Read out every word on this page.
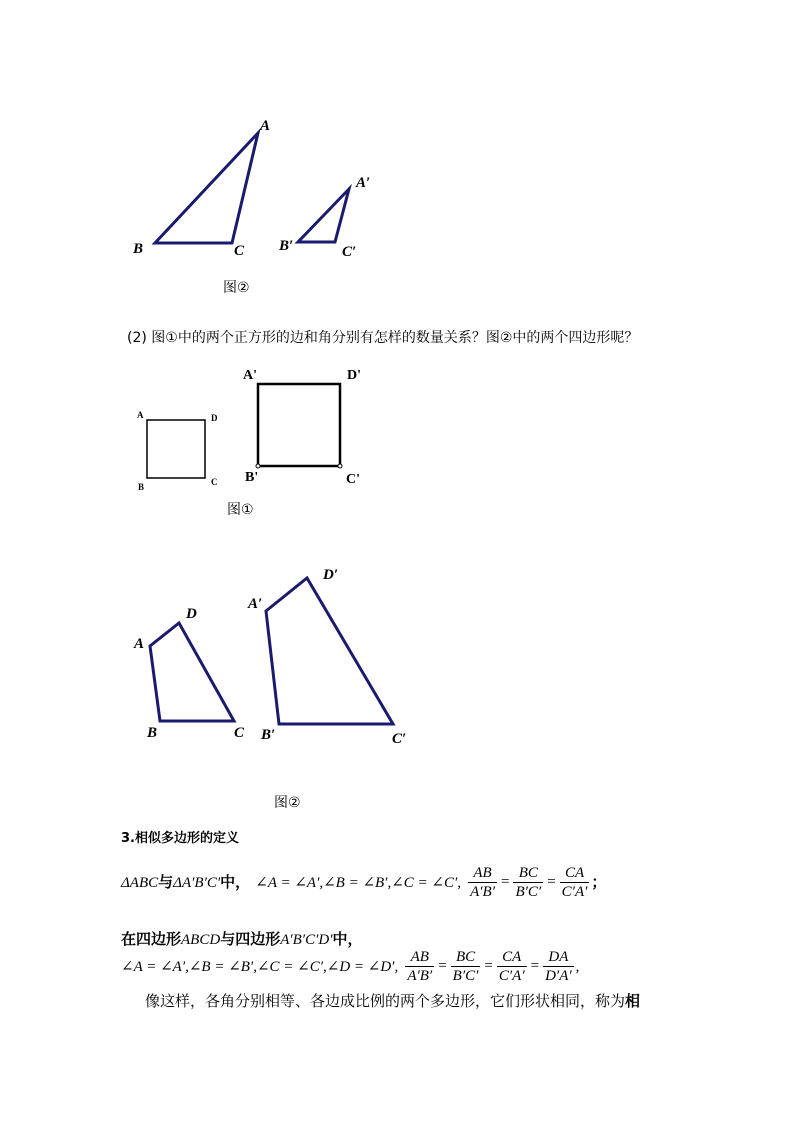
A
B	C
A′
B′	C′
图②
(2) 图①中的两个正方形的边和角分别有怎样的数量关系？图②中的两个四边形呢？
A	D
B	C
A'	D'
B'	C'
图①
A
D
B	C
A′
D′
B′	C′
图②
3.相似多边形的定义
ΔABC与ΔA′B′C′中， ∠A = ∠A′,∠B = ∠B′,∠C = ∠C′, $\frac{AB}{A'B'} = \frac{BC}{B'C'} = \frac{CA}{C'A'}$ ；
在四边形ABCD与四边形A′B′C′D′中，
∠A = ∠A′,∠B = ∠B′,∠C = ∠C′,∠D = ∠D′, $\frac{AB}{A'B'} = \frac{BC}{B'C'} = \frac{CA}{C'A'} = \frac{DA}{D'A'}$ ,
像这样，各角分别相等、各边成比例的两个多边形，它们形状相同，称为相
